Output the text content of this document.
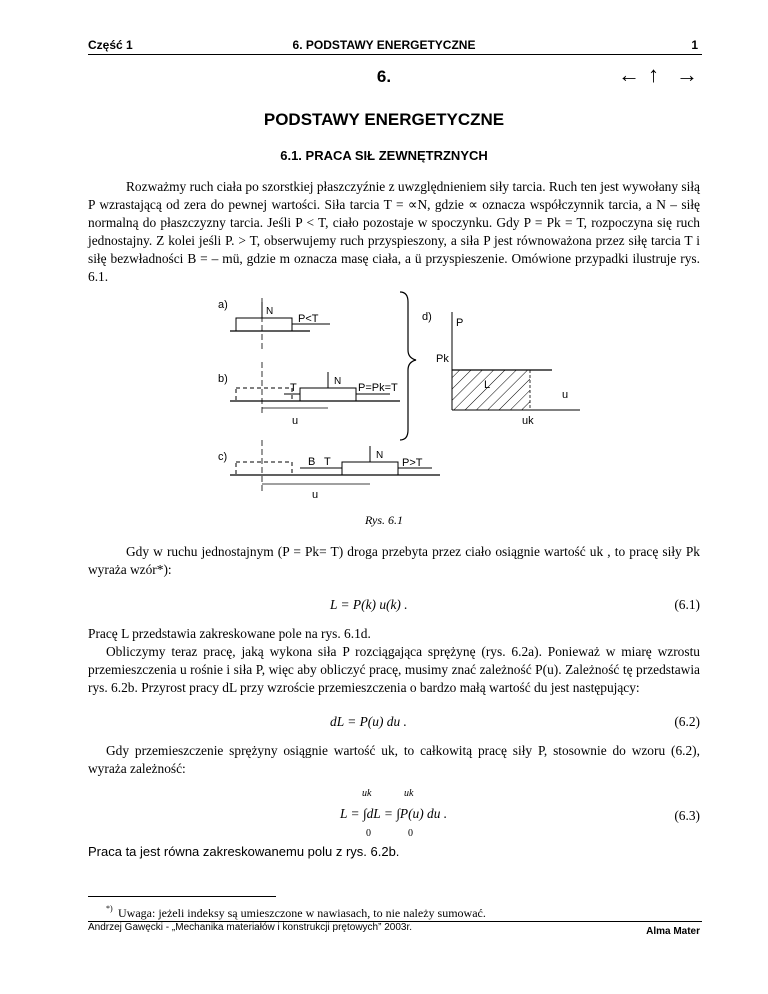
Część 1	6. PODSTAWY ENERGETYCZNE	1
6.	← ↑ →
PODSTAWY ENERGETYCZNE
6.1. PRACA SIŁ ZEWNĘTRZNYCH
Rozważmy ruch ciała po szorstkiej płaszczyźnie z uwzględnieniem siły tarcia. Ruch ten jest wywołany siłą P wzrastającą od zera do pewnej wartości. Siła tarcia T = ∝N, gdzie ∝ oznacza współczynnik tarcia, a N – siłę normalną do płaszczyzny tarcia. Jeśli P < T, ciało pozostaje w spoczynku. Gdy P = Pk = T, rozpoczyna się ruch jednostajny. Z kolei jeśli P. > T, obserwujemy ruch przyspieszony, a siła P jest równoważona przez siłę tarcia T i siłę bezwładności B = – mü, gdzie m oznacza masę ciała, a ü przyspieszenie. Omówione przypadki ilustruje rys. 6.1.
a)
N
P<T
b)	N
T	P=Pk=T
u
c)	N
B T	P>T
u
d) P
Pk
L
u
uk
Rys. 6.1
Gdy w ruchu jednostajnym (P = Pk= T) droga przebyta przez ciało osiągnie wartość uk , to pracę siły Pk wyraża wzór*):
L = P(k) u(k) .	(6.1)
Pracę L przedstawia zakreskowane pole na rys. 6.1d.
Obliczymy teraz pracę, jaką wykona siła P rozciągająca sprężynę (rys. 6.2a). Ponieważ w miarę wzrostu przemieszczenia u rośnie i siła P, więc aby obliczyć pracę, musimy znać zależność P(u). Zależność tę przedstawia rys. 6.2b. Przyrost pracy dL przy wzroście przemieszczenia o bardzo małą wartość du jest następujący:
dL = P(u) du .	(6.2)
Gdy przemieszczenie sprężyny osiągnie wartość uk, to całkowitą pracę siły P, stosownie do wzoru (6.2), wyraża zależność:
uk	uk
L = ∫dL = ∫P(u) du .
0	0
(6.3)
Praca ta jest równa zakreskowanemu polu z rys. 6.2b.
*) Uwaga: jeżeli indeksy są umieszczone w nawiasach, to nie należy sumować.
Andrzej Gawęcki - „Mechanika materiałów i konstrukcji prętowych” 2003r.	Alma Mater
